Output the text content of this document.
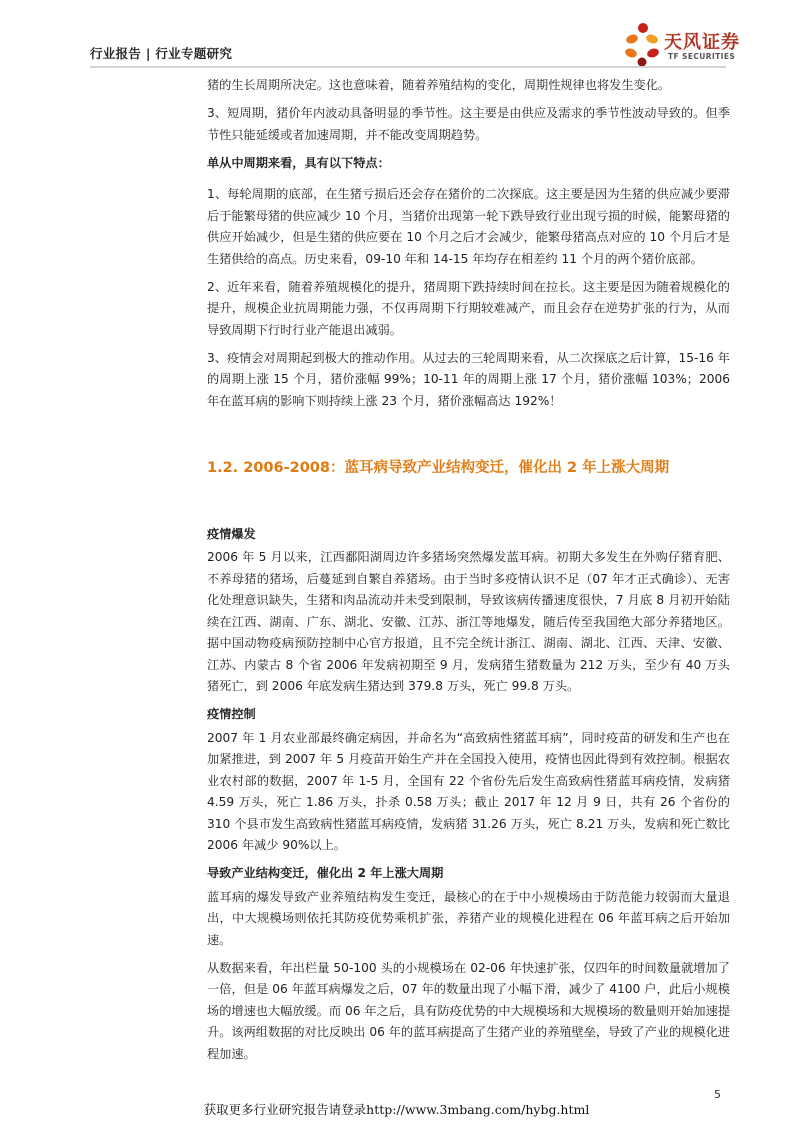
行业报告 | 行业专题研究
天风证券
TF SECURITIES

猪的生长周期所决定。这也意味着，随着养殖结构的变化，周期性规律也将发生变化。

3、短周期，猪价年内波动具备明显的季节性。这主要是由供应及需求的季节性波动导致的。但季节性只能延缓或者加速周期，并不能改变周期趋势。

单从中周期来看，具有以下特点：

1、每轮周期的底部，在生猪亏损后还会存在猪价的二次探底。这主要是因为生猪的供应减少要滞后于能繁母猪的供应减少 10 个月，当猪价出现第一轮下跌导致行业出现亏损的时候，能繁母猪的供应开始减少，但是生猪的供应要在 10 个月之后才会减少，能繁母猪高点对应的 10 个月后才是生猪供给的高点。历史来看，09-10 年和 14-15 年均存在相差约 11 个月的两个猪价底部。

2、近年来看，随着养殖规模化的提升，猪周期下跌持续时间在拉长。这主要是因为随着规模化的提升，规模企业抗周期能力强，不仅再周期下行期较难减产，而且会存在逆势扩张的行为，从而导致周期下行时行业产能退出减弱。

3、疫情会对周期起到极大的推动作用。从过去的三轮周期来看，从二次探底之后计算，15-16 年的周期上涨 15 个月，猪价涨幅 99%；10-11 年的周期上涨 17 个月，猪价涨幅 103%；2006 年在蓝耳病的影响下则持续上涨 23 个月，猪价涨幅高达 192%！

1.2. 2006-2008：蓝耳病导致产业结构变迁，催化出 2 年上涨大周期
疫情爆发

2006 年 5 月以来，江西鄱阳湖周边许多猪场突然爆发蓝耳病。初期大多发生在外购仔猪育肥、不养母猪的猪场，后蔓延到自繁自养猪场。由于当时多疫情认识不足（07 年才正式确诊）、无害化处理意识缺失，生猪和肉品流动并未受到限制，导致该病传播速度很快，7 月底 8 月初开始陆续在江西、湖南、广东、湖北、安徽、江苏、浙江等地爆发，随后传至我国绝大部分养猪地区。据中国动物疫病预防控制中心官方报道，且不完全统计浙江、湖南、湖北、江西、天津、安徽、江苏、内蒙古 8 个省 2006 年发病初期至 9 月，发病猪生猪数量为 212 万头，至少有 40 万头猪死亡，到 2006 年底发病生猪达到 379.8 万头，死亡 99.8 万头。

疫情控制

2007 年 1 月农业部最终确定病因，并命名为“高致病性猪蓝耳病”，同时疫苗的研发和生产也在加紧推进，到 2007 年 5 月疫苗开始生产并在全国投入使用，疫情也因此得到有效控制。根据农业农村部的数据，2007 年 1-5 月，全国有 22 个省份先后发生高致病性猪蓝耳病疫情，发病猪 4.59 万头，死亡 1.86 万头，扑杀 0.58 万头；截止 2017 年 12 月 9 日，共有 26 个省份的 310 个县市发生高致病性猪蓝耳病疫情，发病猪 31.26 万头，死亡 8.21 万头，发病和死亡数比 2006 年减少 90%以上。

导致产业结构变迁，催化出 2 年上涨大周期

蓝耳病的爆发导致产业养殖结构发生变迁，最核心的在于中小规模场由于防范能力较弱而大量退出，中大规模场则依托其防疫优势乘机扩张，养猪产业的规模化进程在 06 年蓝耳病之后开始加速。

从数据来看，年出栏量 50-100 头的小规模场在 02-06 年快速扩张，仅四年的时间数量就增加了一倍，但是 06 年蓝耳病爆发之后，07 年的数量出现了小幅下滑，减少了 4100 户，此后小规模场的增速也大幅放缓。而 06 年之后，具有防疫优势的中大规模场和大规模场的数量则开始加速提升。该两组数据的对比反映出 06 年的蓝耳病提高了生猪产业的养殖壁垒，导致了产业的规模化进程加速。

5
获取更多行业研究报告请登录http://www.3mbang.com/hybg.html
